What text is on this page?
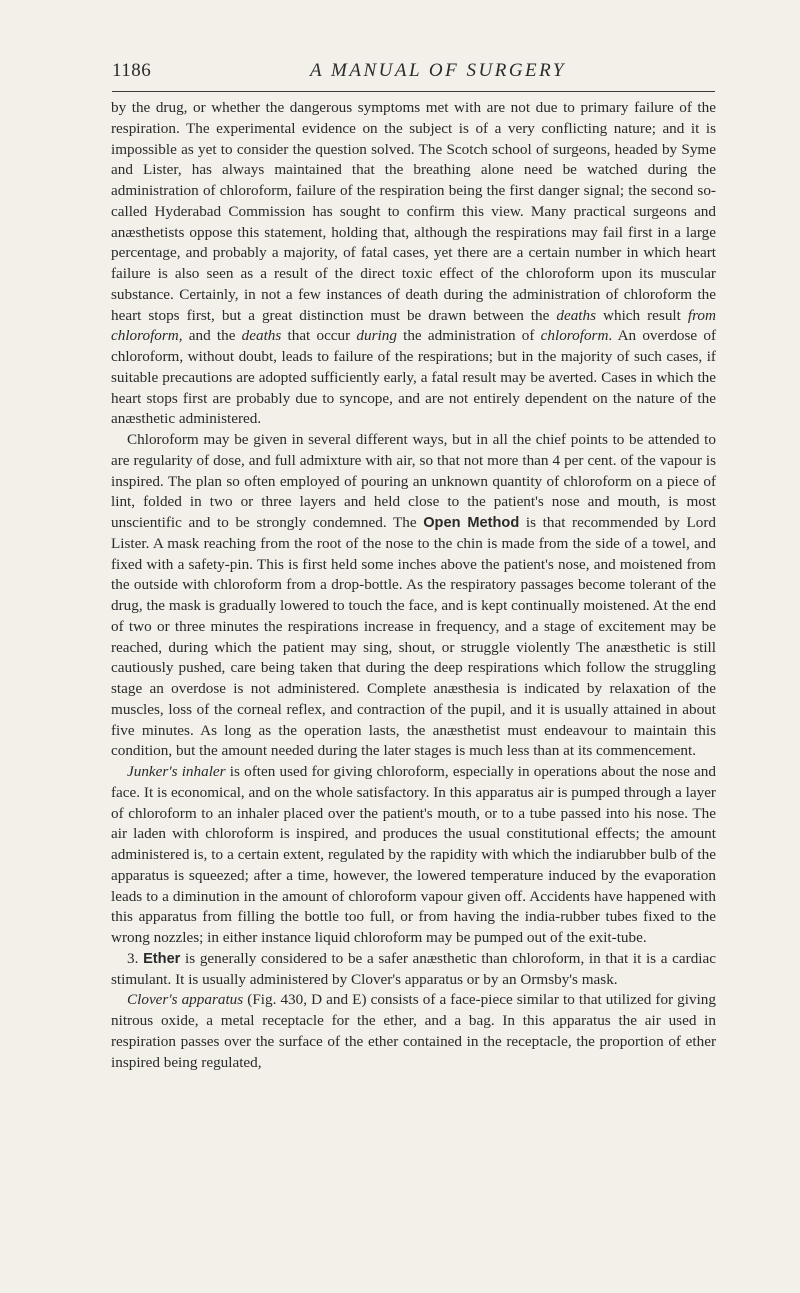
1186	A MANUAL OF SURGERY

by the drug, or whether the dangerous symptoms met with are not due to primary failure of the respiration. The experimental evidence on the subject is of a very conflicting nature; and it is impossible as yet to consider the question solved. The Scotch school of surgeons, headed by Syme and Lister, has always maintained that the breathing alone need be watched during the administration of chloroform, failure of the respiration being the first danger signal; the second so-called Hyderabad Commission has sought to confirm this view. Many practical surgeons and anæsthetists oppose this statement, holding that, although the respirations may fail first in a large percentage, and probably a majority, of fatal cases, yet there are a certain number in which heart failure is also seen as a result of the direct toxic effect of the chloroform upon its muscular substance. Certainly, in not a few instances of death during the administration of chloroform the heart stops first, but a great distinction must be drawn between the deaths which result from chloroform, and the deaths that occur during the administration of chloroform. An overdose of chloroform, without doubt, leads to failure of the respirations; but in the majority of such cases, if suitable precautions are adopted sufficiently early, a fatal result may be averted. Cases in which the heart stops first are probably due to syncope, and are not entirely dependent on the nature of the anæsthetic administered.

Chloroform may be given in several different ways, but in all the chief points to be attended to are regularity of dose, and full admixture with air, so that not more than 4 per cent. of the vapour is inspired. The plan so often employed of pouring an unknown quantity of chloroform on a piece of lint, folded in two or three layers and held close to the patient's nose and mouth, is most unscientific and to be strongly condemned. The Open Method is that recommended by Lord Lister. A mask reaching from the root of the nose to the chin is made from the side of a towel, and fixed with a safety-pin. This is first held some inches above the patient's nose, and moistened from the outside with chloroform from a drop-bottle. As the respiratory passages become tolerant of the drug, the mask is gradually lowered to touch the face, and is kept continually moistened. At the end of two or three minutes the respirations increase in frequency, and a stage of excitement may be reached, during which the patient may sing, shout, or struggle violently The anæsthetic is still cautiously pushed, care being taken that during the deep respirations which follow the struggling stage an overdose is not administered. Complete anæsthesia is indicated by relaxation of the muscles, loss of the corneal reflex, and contraction of the pupil, and it is usually attained in about five minutes. As long as the operation lasts, the anæsthetist must endeavour to maintain this condition, but the amount needed during the later stages is much less than at its commencement.

Junker's inhaler is often used for giving chloroform, especially in operations about the nose and face. It is economical, and on the whole satisfactory. In this apparatus air is pumped through a layer of chloroform to an inhaler placed over the patient's mouth, or to a tube passed into his nose. The air laden with chloroform is inspired, and produces the usual constitutional effects; the amount administered is, to a certain extent, regulated by the rapidity with which the indiarubber bulb of the apparatus is squeezed; after a time, however, the lowered temperature induced by the evaporation leads to a diminution in the amount of chloroform vapour given off. Accidents have happened with this apparatus from filling the bottle too full, or from having the india-rubber tubes fixed to the wrong nozzles; in either instance liquid chloroform may be pumped out of the exit-tube.

3. Ether is generally considered to be a safer anæsthetic than chloroform, in that it is a cardiac stimulant. It is usually administered by Clover's apparatus or by an Ormsby's mask.

Clover's apparatus (Fig. 430, D and E) consists of a face-piece similar to that utilized for giving nitrous oxide, a metal receptacle for the ether, and a bag. In this apparatus the air used in respiration passes over the surface of the ether contained in the receptacle, the proportion of ether inspired being regulated,
